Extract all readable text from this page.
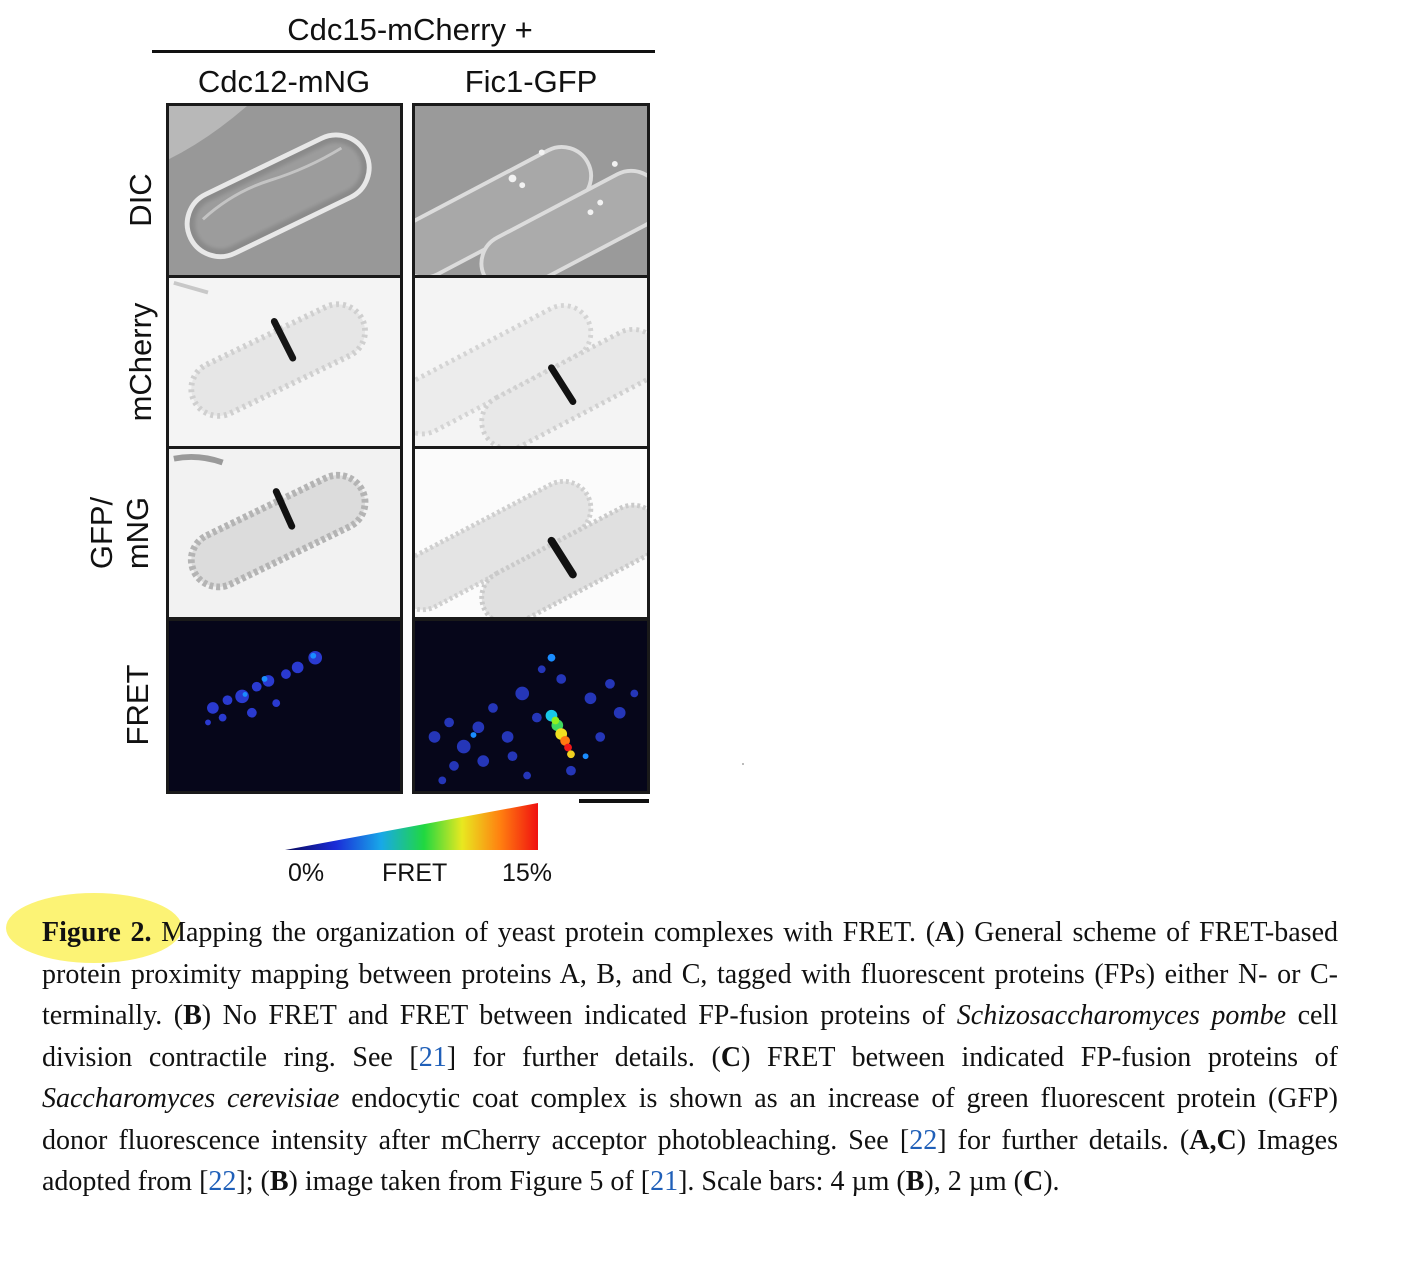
Cdc15-mCherry +
Cdc12-mNG	Fic1-GFP
DIC
mCherry
GFP/ mNG
FRET
0% FRET 15%
Figure 2. Mapping the organization of yeast protein complexes with FRET. (A) General scheme of FRET-based protein proximity mapping between proteins A, B, and C, tagged with fluorescent proteins (FPs) either N- or C-terminally. (B) No FRET and FRET between indicated FP-fusion proteins of Schizosaccharomyces pombe cell division contractile ring. See [21] for further details. (C) FRET between indicated FP-fusion proteins of Saccharomyces cerevisiae endocytic coat complex is shown as an increase of green fluorescent protein (GFP) donor fluorescence intensity after mCherry acceptor photobleaching. See [22] for further details. (A,C) Images adopted from [22]; (B) image taken from Figure 5 of [21]. Scale bars: 4 µm (B), 2 µm (C).
